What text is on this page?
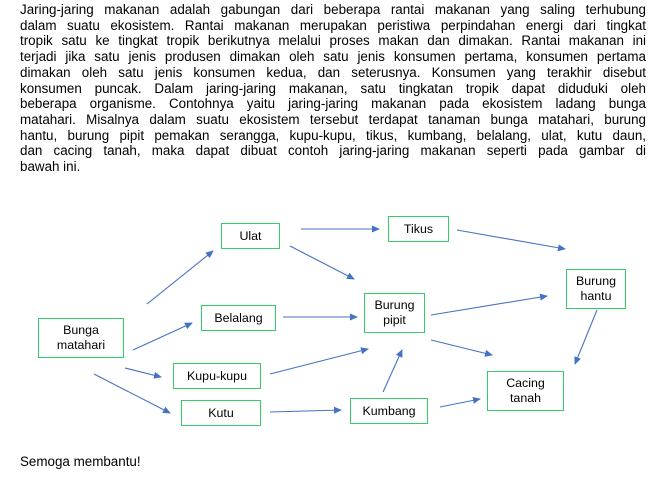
Jaring-jaring makanan adalah gabungan dari beberapa rantai makanan yang saling terhubung
dalam suatu ekosistem. Rantai makanan merupakan peristiwa perpindahan energi dari tingkat
tropik satu ke tingkat tropik berikutnya melalui proses makan dan dimakan. Rantai makanan ini
terjadi jika satu jenis produsen dimakan oleh satu jenis konsumen pertama, konsumen pertama
dimakan oleh satu jenis konsumen kedua, dan seterusnya. Konsumen yang terakhir disebut
konsumen puncak. Dalam jaring-jaring makanan, satu tingkatan tropik dapat diduduki oleh
beberapa organisme. Contohnya yaitu jaring-jaring makanan pada ekosistem ladang bunga
matahari. Misalnya dalam suatu ekosistem tersebut terdapat tanaman bunga matahari, burung
hantu, burung pipit pemakan serangga, kupu-kupu, tikus, kumbang, belalang, ulat, kutu daun,
dan cacing tanah, maka dapat dibuat contoh jaring-jaring makanan seperti pada gambar di
bawah ini.

Bunga
matahari
Ulat
Belalang
Kupu-kupu
Kutu
Tikus
Burung
pipit
Kumbang
Burung
hantu
Cacing
tanah

Semoga membantu!
